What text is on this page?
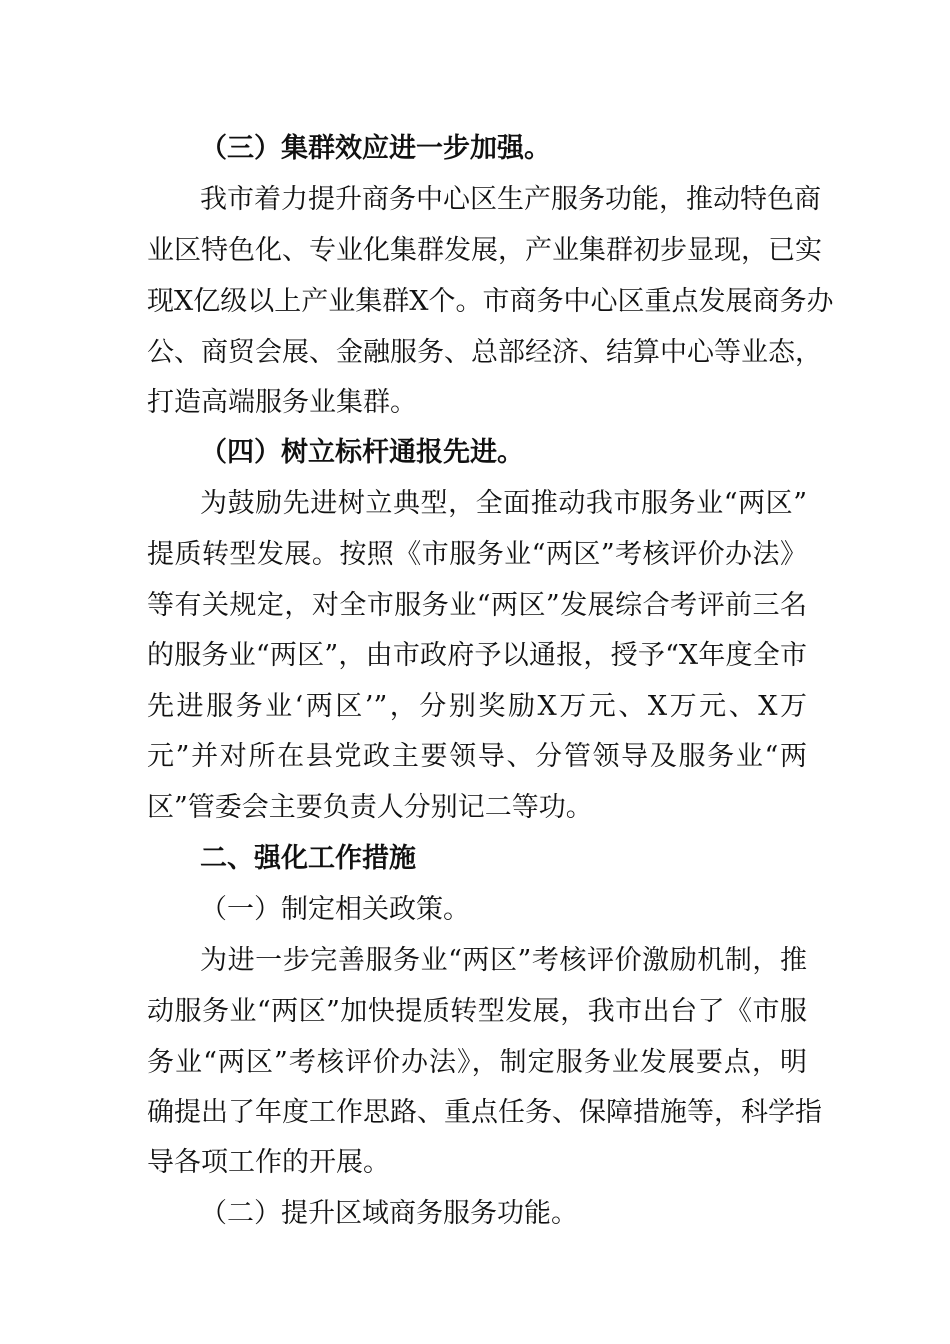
（三）集群效应进一步加强。
我市着力提升商务中心区生产服务功能，推动特色商
业区特色化、专业化集群发展，产业集群初步显现，已实
现X亿级以上产业集群X个。市商务中心区重点发展商务办
公、商贸会展、金融服务、总部经济、结算中心等业态，
打造高端服务业集群。
（四）树立标杆通报先进。
为鼓励先进树立典型，全面推动我市服务业“两区”
提质转型发展。按照《市服务业“两区”考核评价办法》
等有关规定，对全市服务业“两区”发展综合考评前三名
的服务业“两区”，由市政府予以通报，授予“X年度全市
先进服务业‘两区’”，分别奖励X万元、X万元、X万
元”并对所在县党政主要领导、分管领导及服务业“两
区”管委会主要负责人分别记二等功。
二、强化工作措施
（一）制定相关政策。
为进一步完善服务业“两区”考核评价激励机制，推
动服务业“两区”加快提质转型发展，我市出台了《市服
务业“两区”考核评价办法》，制定服务业发展要点，明
确提出了年度工作思路、重点任务、保障措施等，科学指
导各项工作的开展。
（二）提升区域商务服务功能。
